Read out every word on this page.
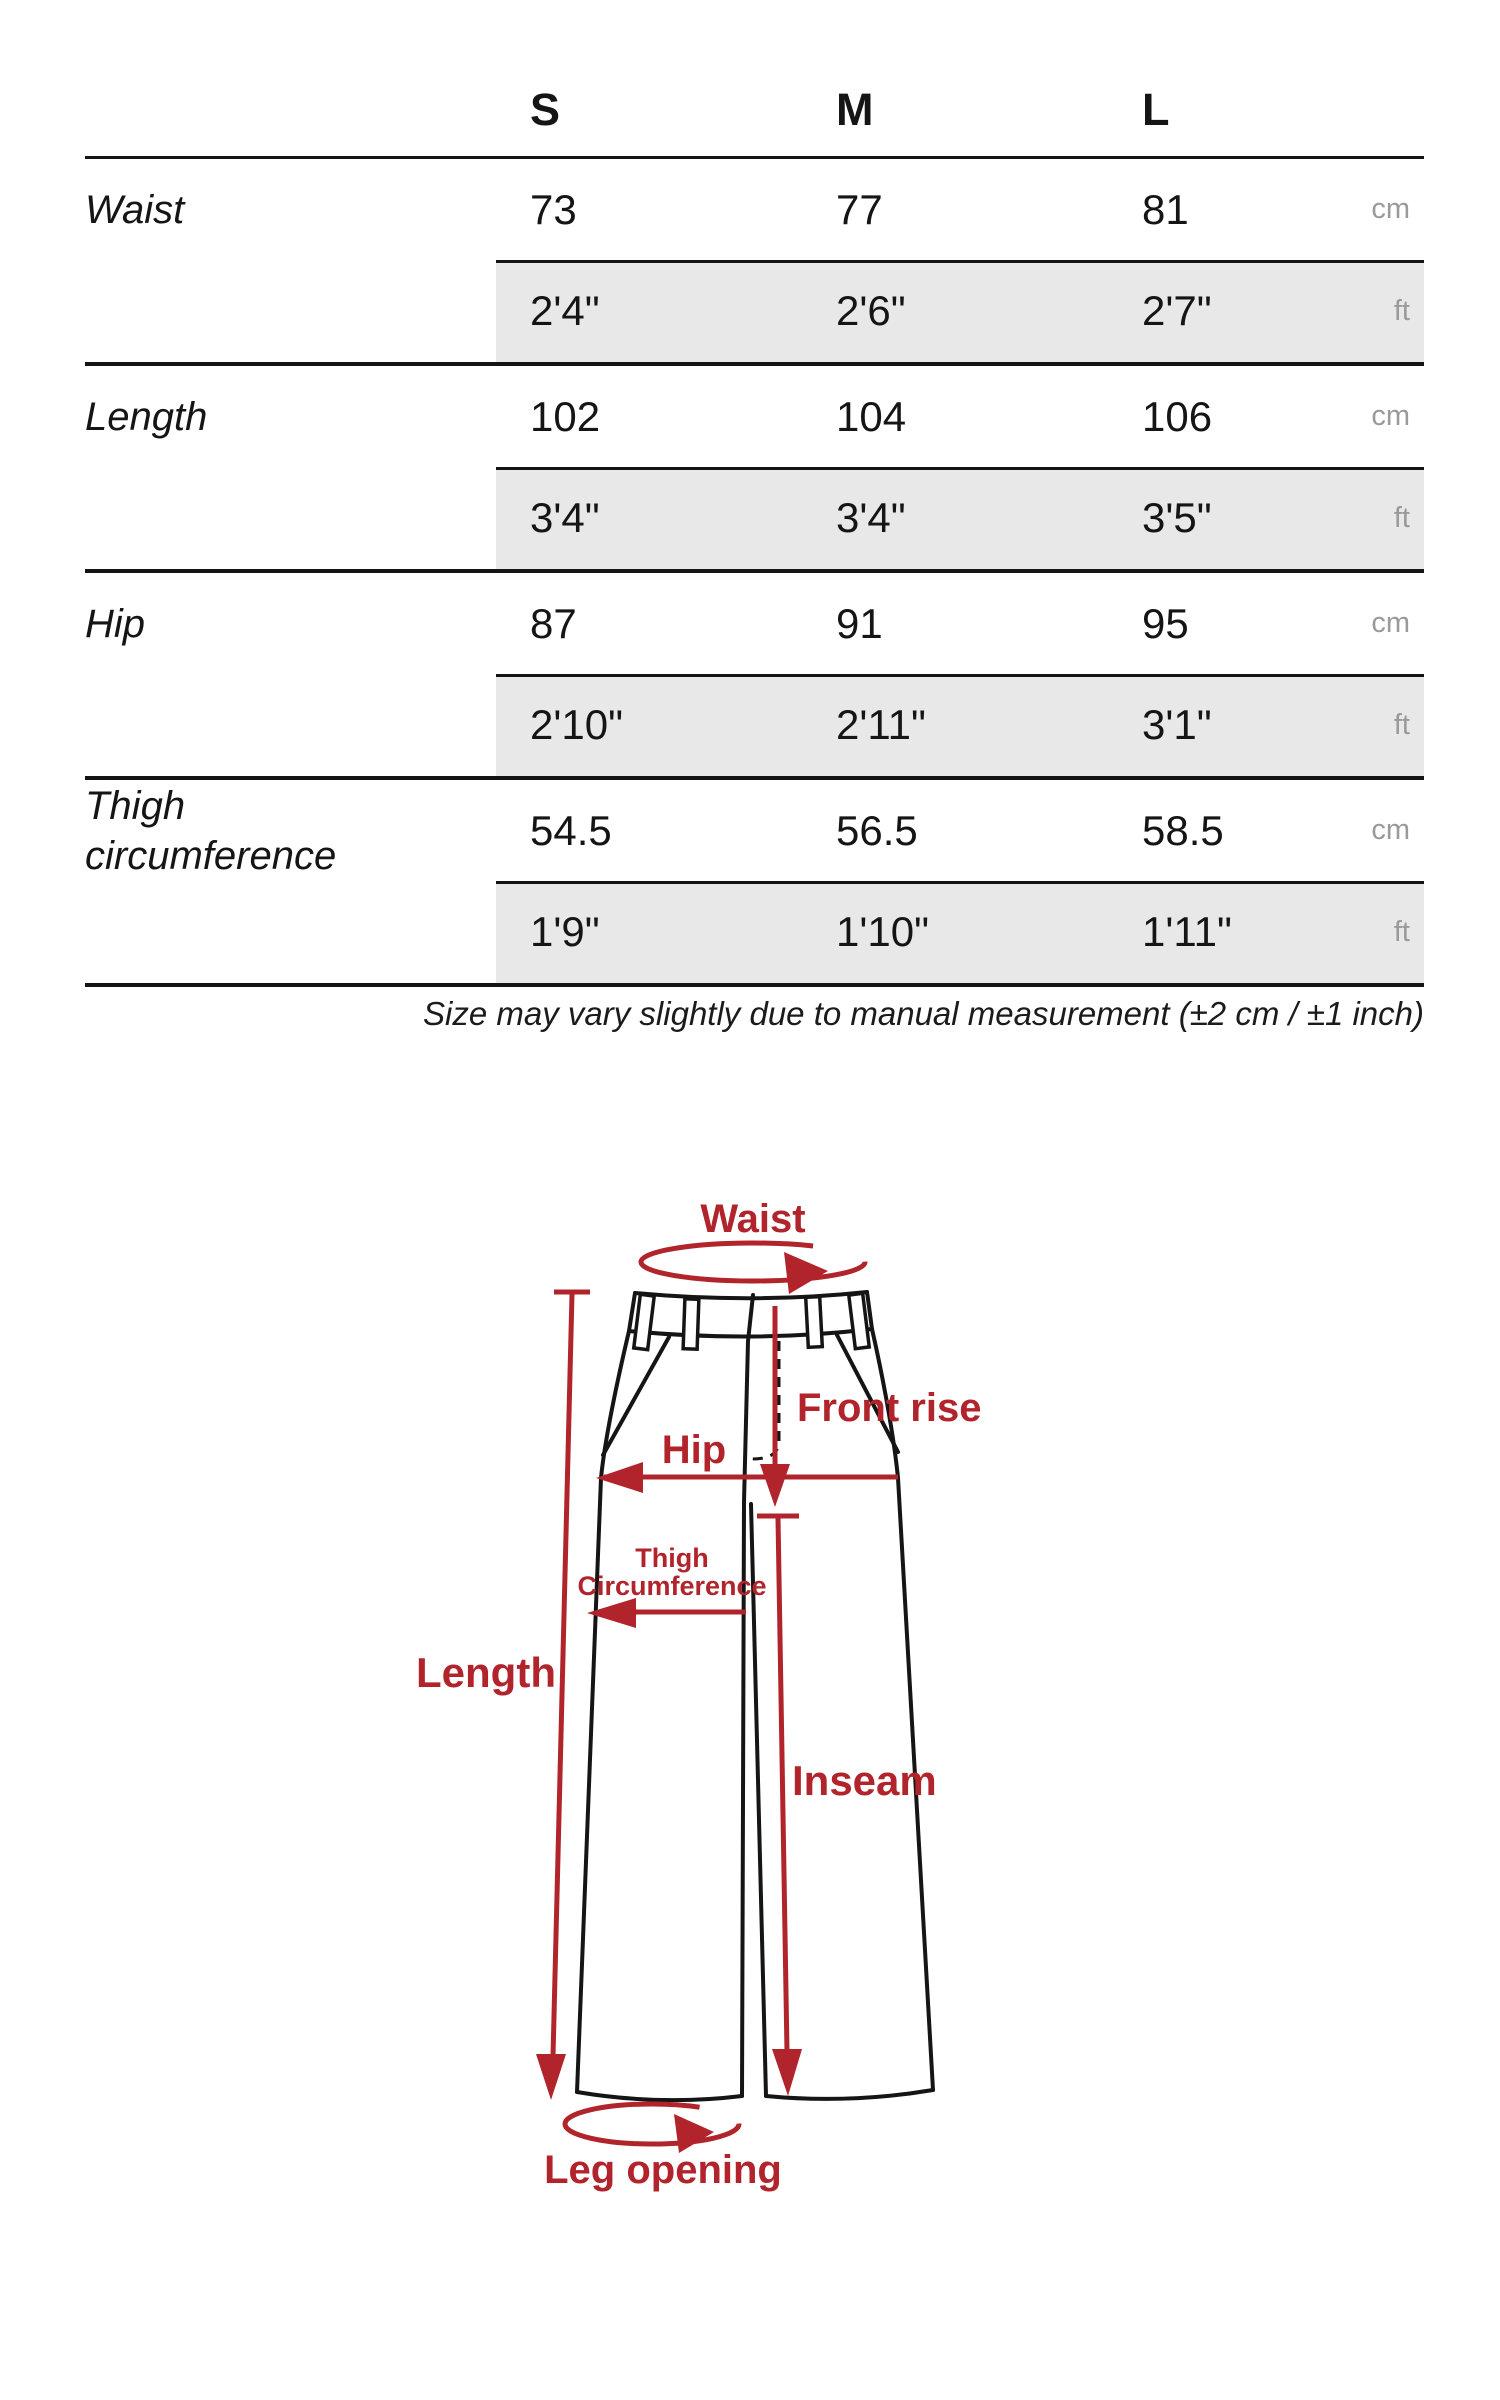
S	M	L
Waist	73	77	81	cm
2'4"	2'6"	2'7"	ft
Length	102	104	106	cm
3'4"	3'4"	3'5"	ft
Hip	87	91	95	cm
2'10"	2'11"	3'1"	ft
Thigh circumference
54.5	56.5	58.5	cm
1'9"	1'10"	1'11"	ft
Size may vary slightly due to manual measurement (±2 cm / ±1 inch)
Waist
Front rise
Hip
Thigh
Circumference
Length
Inseam
Leg opening
